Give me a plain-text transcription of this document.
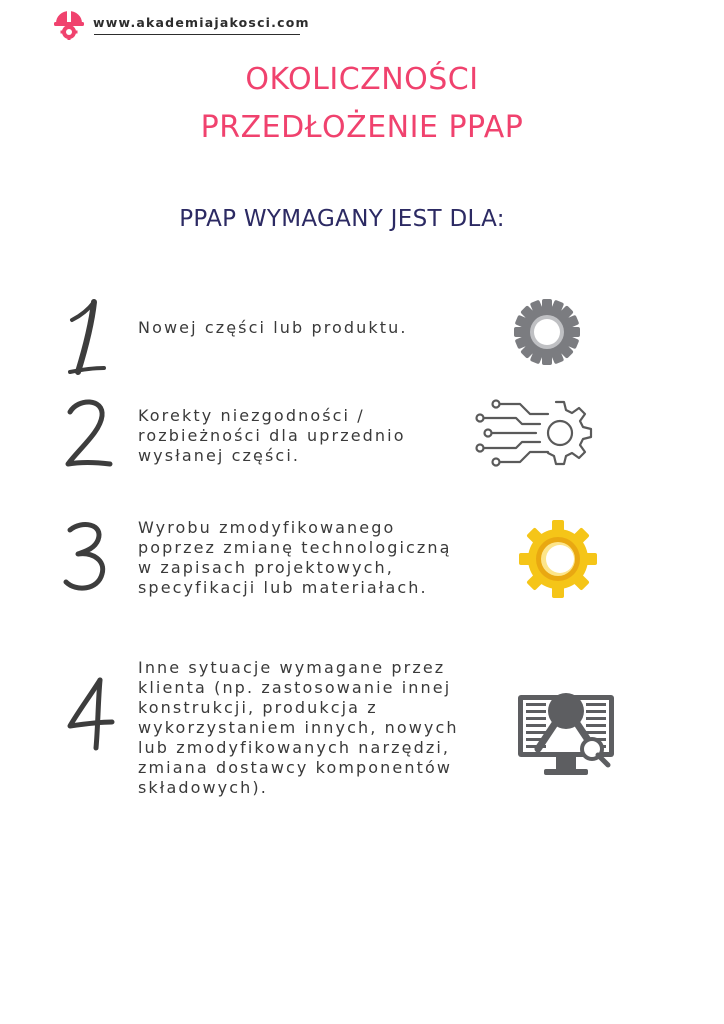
www.akademiajakosci.com
OKOLICZNOŚCI
PRZEDŁOŻENIE PPAP
PPAP WYMAGANY JEST DLA:
1

Nowej części lub produktu.

2

Korekty niezgodności /
rozbieżności dla uprzednio
wysłanej części.

3	Wyrobu zmodyfikowanego
poprzez zmianę technologiczną
w zapisach projektowych,
specyfikacji lub materiałach.

4	Inne sytuacje wymagane przez
klienta (np. zastosowanie innej
konstrukcji, produkcja z
wykorzystaniem innych, nowych
lub zmodyfikowanych narzędzi,
zmiana dostawcy komponentów
składowych).
